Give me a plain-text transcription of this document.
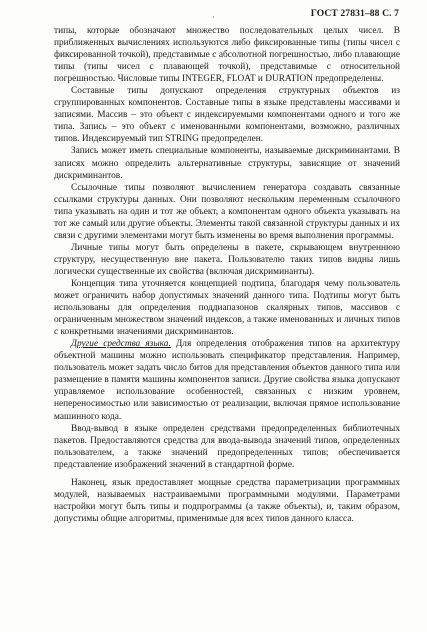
·	ГОСТ 27831–88 С. 7

типы, которые обозначают множество последовательных целых чисел. В приближенных вычислениях используются либо фиксированные типы (типы чисел с фиксированной точкой), представимые с абсолютной погрешностью, либо плавающие типы (типы чисел с плавающей точкой), представимые с относительной погрешностью. Числовые типы INTEGER, FLOAT и DURATION предопределены.

Составные типы допускают определения структурных объектов из сгруппированных компонентов. Составные типы в языке представлены массивами и записями. Массив – это объект с индексируемыми компонентами одного и того же типа. Запись – это объект с именованными компонентами, возможно, различных типов. Индексируемый тип STRING предопределен.

Запись может иметь специальные компоненты, называемые дискриминантами. В записях можно определить альтернативные структуры, зависящие от значений дискриминантов.

Ссылочные типы позволяют вычислением генератора создавать связанные ссылками структуры данных. Они позволяют нескольким переменным ссылочного типа указывать на один и тот же объект, а компонентам одного объекта указывать на тот же самый или другие объекты. Элементы такой связанной структуры данных и их связи с другими элементами могут быть изменены во время выполнения программы.

Личные типы могут быть определены в пакете, скрывающем внутреннюю структуру, несущественную вне пакета. Пользователю таких типов видны лишь логически существенные их свойства (включая дискриминанты).

Концепция типа уточняется концепцией подтипа, благодаря чему пользователь может ограничить набор допустимых значений данного типа. Подтипы могут быть использованы для определения поддиапазонов скалярных типов, массивов с ограниченным множеством значений индексов, а также именованных и личных типов с конкретными значениями дискриминантов.

Другие средства языка. Для определения отображения типов на архитектуру объектной машины можно использовать спецификатор представления. Например, пользователь может задать число битов для представления объектов данного типа или размещение в памяти машины компонентов записи. Другие свойства языка допускают управляемое использование особенностей, связанных с низким уровнем, непереносимостью или зависимостью от реализации, включая прямое использование машинного кода.

Ввод-вывод в языке определен средствами предопределенных библиотечных пакетов. Предоставляются средства для ввода-вывода значений типов, определенных пользователем, а также значений предопределенных типов; обеспечивается представление изображений значений в стандартной форме.

Наконец, язык предоставляет мощные средства параметризации программных модулей, называемых настраиваемыми программными модулями. Параметрами настройки могут быть типы и подпрограммы (а также объекты), и, таким образом, допустимы общие алгоритмы, применимые для всех типов данного класса.
